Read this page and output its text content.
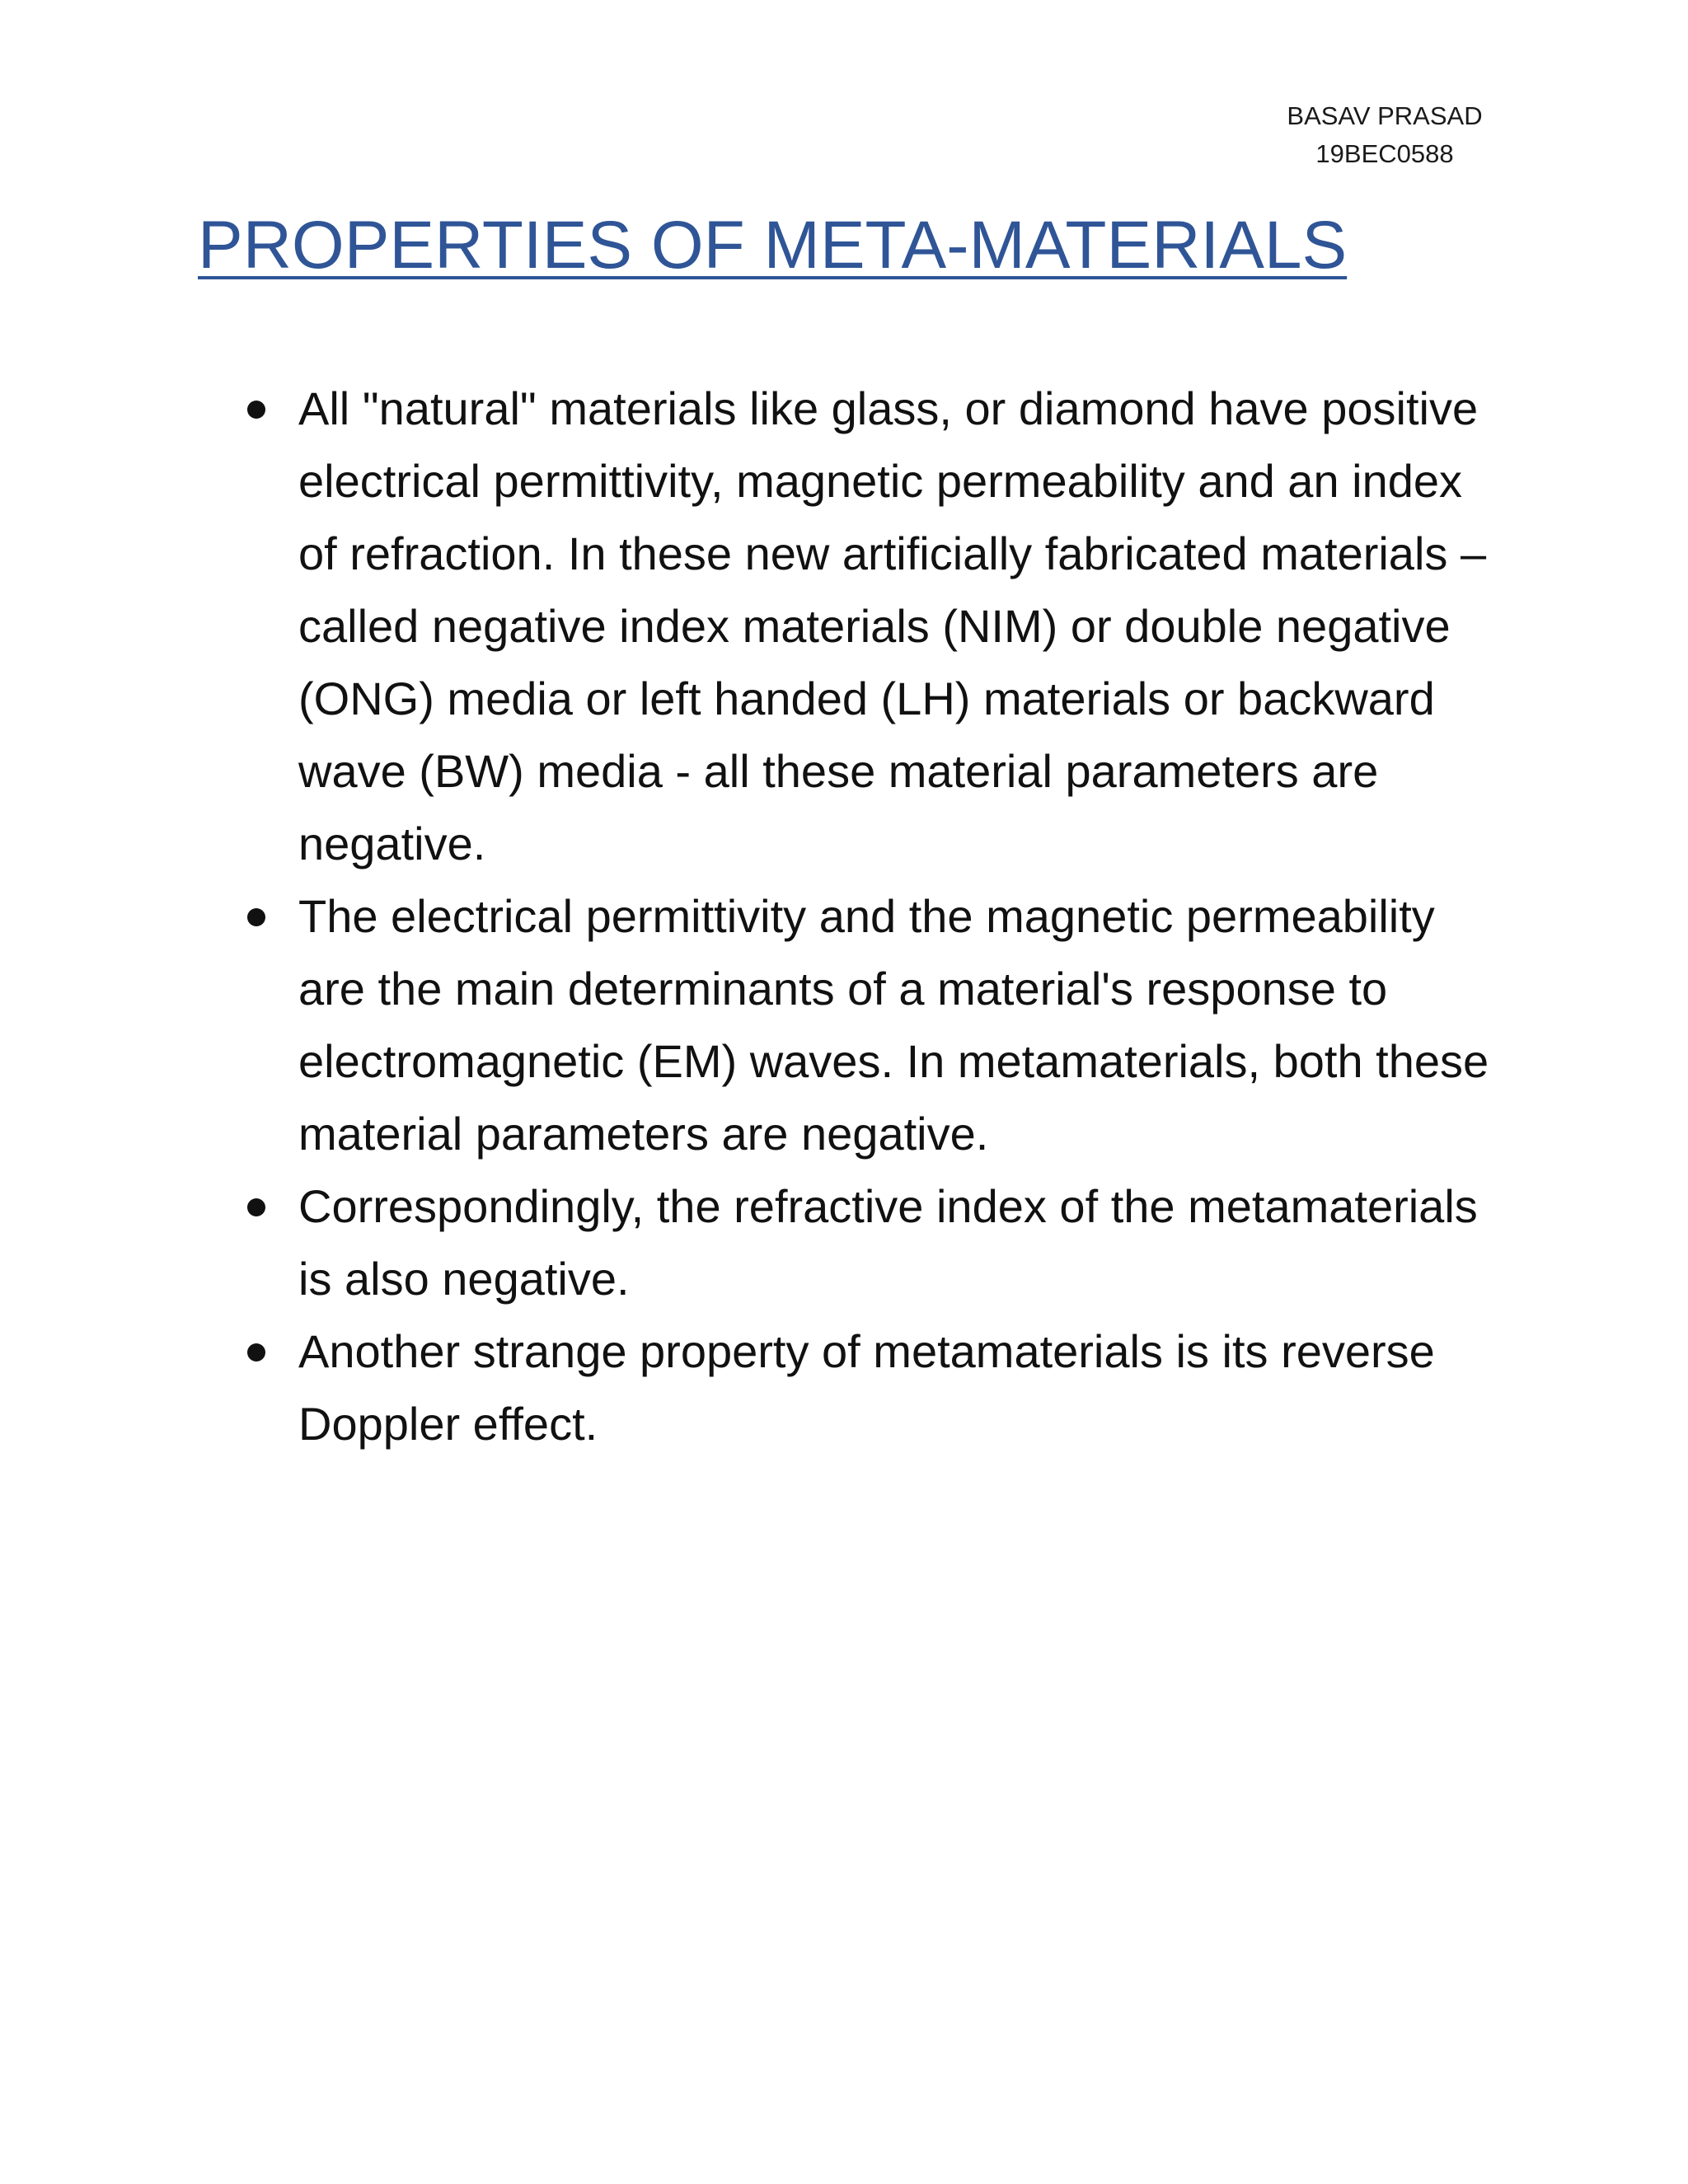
BASAV PRASAD
19BEC0588
PROPERTIES OF META-MATERIALS
All "natural" materials like glass, or diamond have positive electrical permittivity, magnetic permeability and an index of refraction. In these new artificially fabricated materials – called negative index materials (NIM) or double negative (ONG) media or left handed (LH) materials or backward wave (BW) media - all these material parameters are negative.
The electrical permittivity and the magnetic permeability are the main determinants of a material's response to electromagnetic (EM) waves. In metamaterials, both these material parameters are negative.
Correspondingly, the refractive index of the metamaterials is also negative.
Another strange property of metamaterials is its reverse Doppler effect.
